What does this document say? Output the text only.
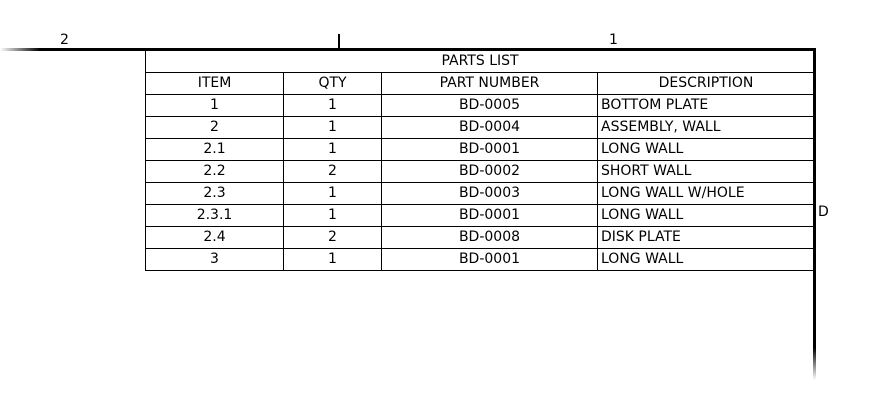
2	1
D
PARTS LIST			
ITEM	QTY	PART NUMBER	DESCRIPTION
1	1	BD-0005	BOTTOM PLATE
2	1	BD-0004	ASSEMBLY, WALL
2.1	1	BD-0001	LONG WALL
2.2	2	BD-0002	SHORT WALL
2.3	1	BD-0003	LONG WALL W/HOLE
2.3.1	1	BD-0001	LONG WALL
2.4	2	BD-0008	DISK PLATE
3	1	BD-0001	LONG WALL
